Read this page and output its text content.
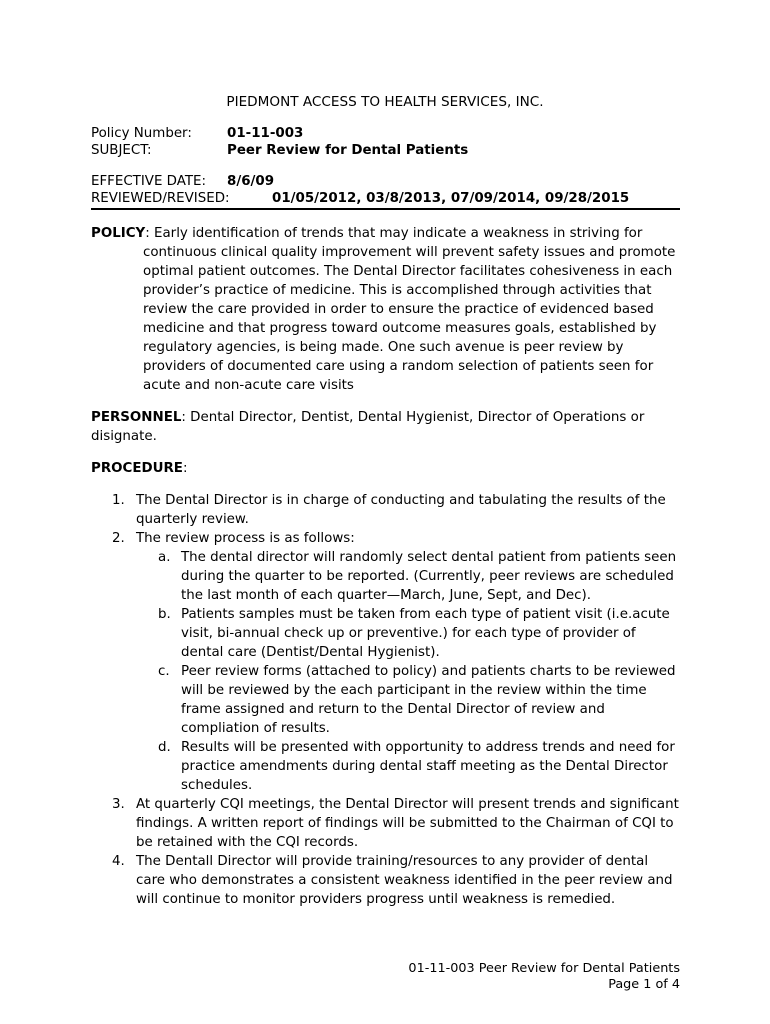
PIEDMONT ACCESS TO HEALTH SERVICES, INC.
Policy Number:	01-11-003
SUBJECT:	Peer Review for Dental Patients
EFFECTIVE DATE: 8/6/09
REVIEWED/REVISED:	01/05/2012, 03/8/2013, 07/09/2014, 09/28/2015

POLICY: Early identification of trends that may indicate a weakness in striving for continuous clinical quality improvement will prevent safety issues and promote optimal patient outcomes. The Dental Director facilitates cohesiveness in each provider’s practice of medicine. This is accomplished through activities that review the care provided in order to ensure the practice of evidenced based medicine and that progress toward outcome measures goals, established by regulatory agencies, is being made. One such avenue is peer review by providers of documented care using a random selection of patients seen for acute and non-acute care visits

PERSONNEL: Dental Director, Dentist, Dental Hygienist, Director of Operations or disignate.

PROCEDURE:
1. The Dental Director is in charge of conducting and tabulating the results of the quarterly review.
2. The review process is as follows:
a. The dental director will randomly select dental patient from patients seen during the quarter to be reported. (Currently, peer reviews are scheduled the last month of each quarter—March, June, Sept, and Dec).
b. Patients samples must be taken from each type of patient visit (i.e.acute visit, bi-annual check up or preventive.) for each type of provider of dental care (Dentist/Dental Hygienist).
c. Peer review forms (attached to policy) and patients charts to be reviewed will be reviewed by the each participant in the review within the time frame assigned and return to the Dental Director of review and compliation of results.
d. Results will be presented with opportunity to address trends and need for practice amendments during dental staff meeting as the Dental Director schedules.
3. At quarterly CQI meetings, the Dental Director will present trends and significant findings. A written report of findings will be submitted to the Chairman of CQI to be retained with the CQI records.
4. The Dentall Director will provide training/resources to any provider of dental care who demonstrates a consistent weakness identified in the peer review and will continue to monitor providers progress until weakness is remedied.
01-11-003 Peer Review for Dental Patients
Page 1 of 4
